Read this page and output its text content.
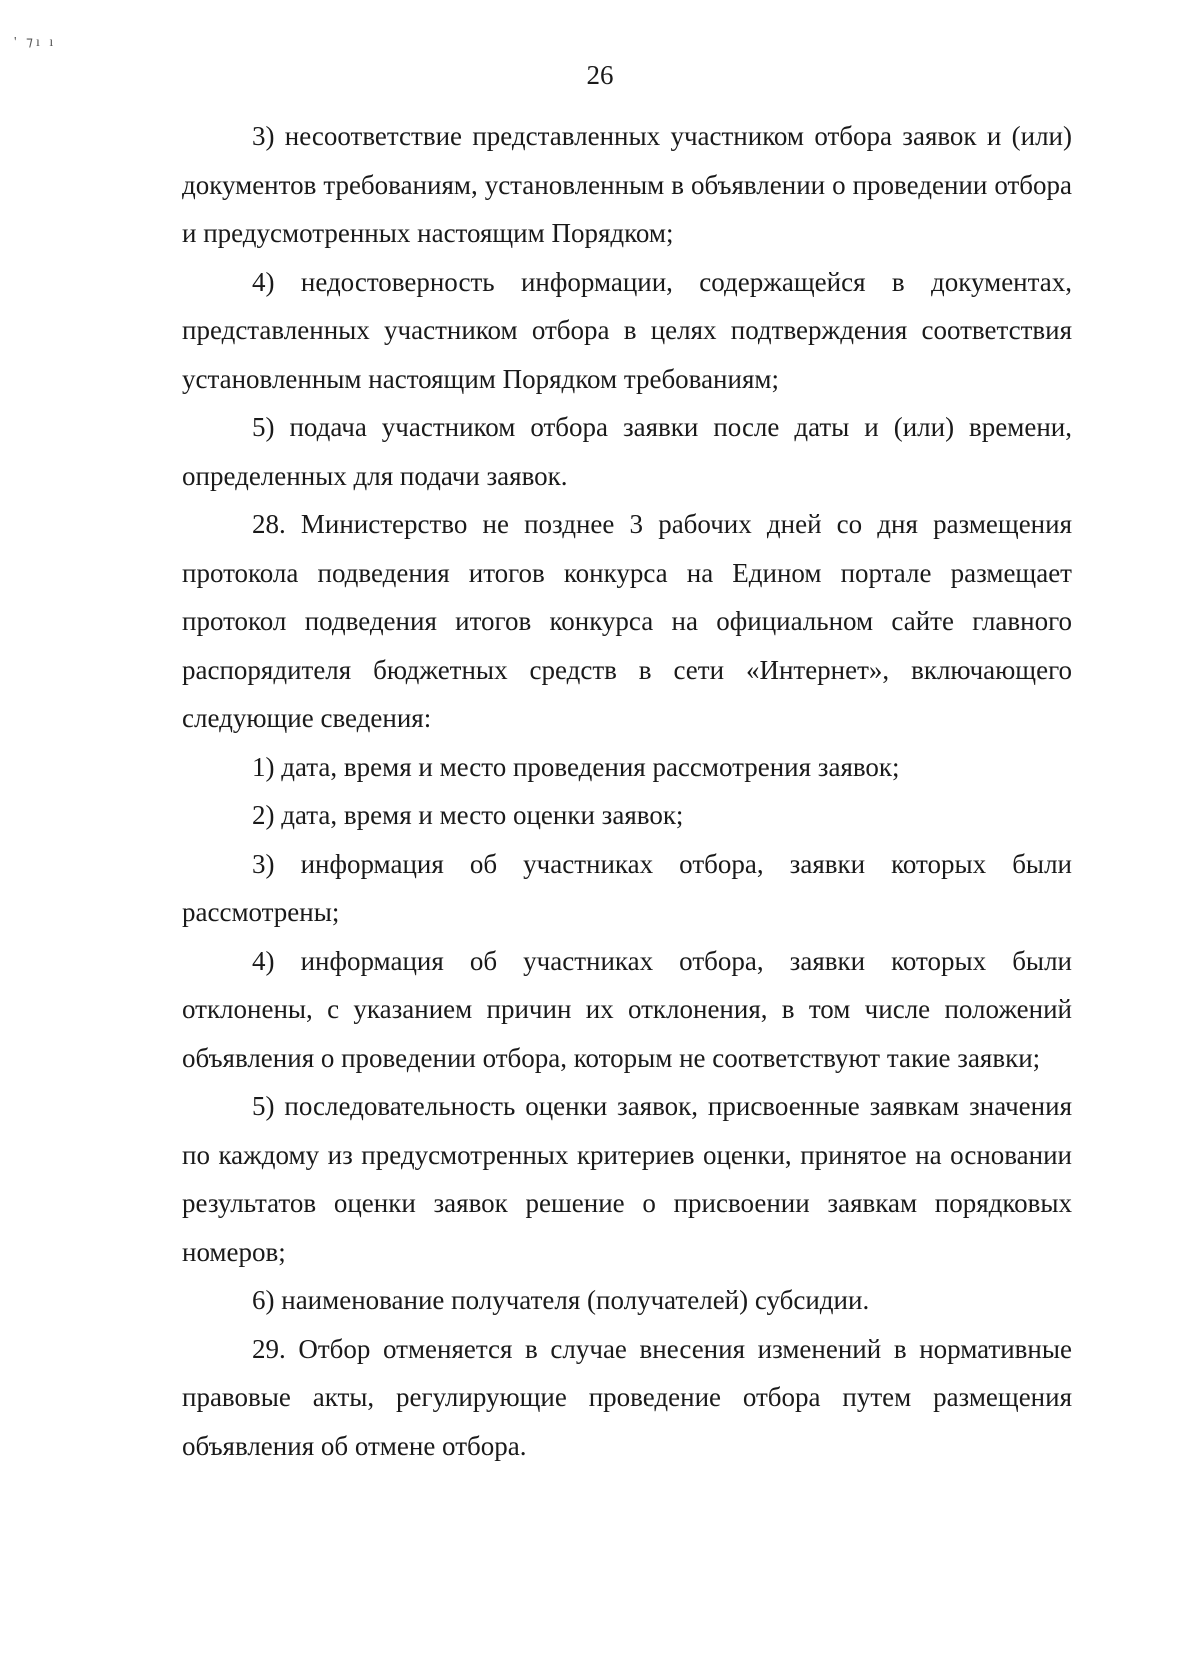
' ⁊ı ı
26

3) несоответствие представленных участником отбора заявок и (или) документов требованиям, установленным в объявлении о проведении отбора и предусмотренных настоящим Порядком;

4) недостоверность информации, содержащейся в документах, представленных участником отбора в целях подтверждения соответствия установленным настоящим Порядком требованиям;

5) подача участником отбора заявки после даты и (или) времени, определенных для подачи заявок.

28. Министерство не позднее 3 рабочих дней со дня размещения протокола подведения итогов конкурса на Едином портале размещает протокол подведения итогов конкурса на официальном сайте главного распорядителя бюджетных средств в сети «Интернет», включающего следующие сведения:

1) дата, время и место проведения рассмотрения заявок;

2) дата, время и место оценки заявок;

3) информация об участниках отбора, заявки которых были рассмотрены;

4) информация об участниках отбора, заявки которых были отклонены, с указанием причин их отклонения, в том числе положений объявления о проведении отбора, которым не соответствуют такие заявки;

5) последовательность оценки заявок, присвоенные заявкам значения по каждому из предусмотренных критериев оценки, принятое на основании результатов оценки заявок решение о присвоении заявкам порядковых номеров;

6) наименование получателя (получателей) субсидии.

29. Отбор отменяется в случае внесения изменений в нормативные правовые акты, регулирующие проведение отбора путем размещения объявления об отмене отбора.
